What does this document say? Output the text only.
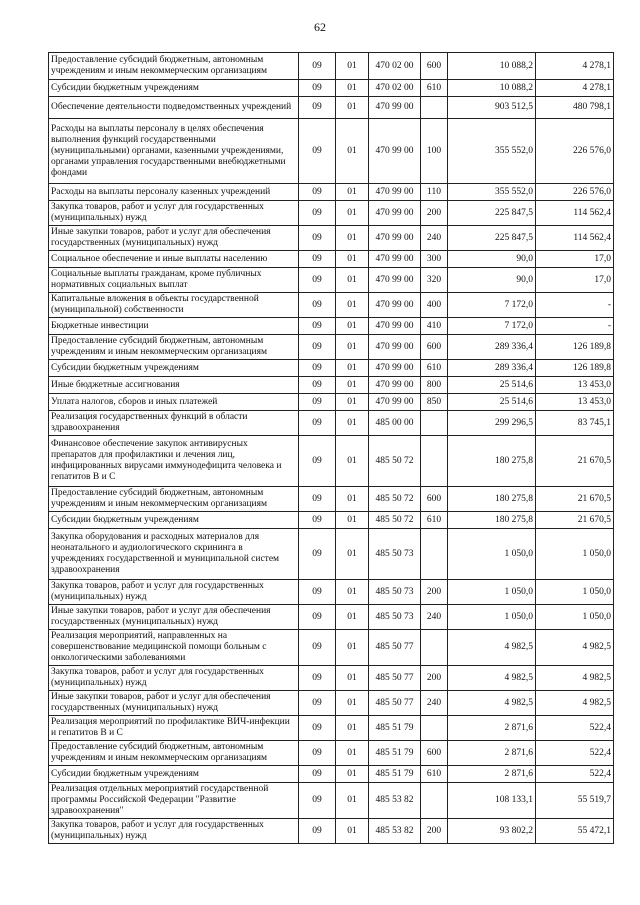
62
Предоставление субсидий бюджетным, автономным учреждениям и иным некоммерческим организациям	09	01	470 02 00	600	10 088,2	4 278,1
Субсидии бюджетным учреждениям	09	01	470 02 00	610	10 088,2	4 278,1
Обеспечение деятельности подведомственных учреждений	09	01	470 99 00		903 512,5	480 798,1
Расходы на выплаты персоналу в целях обеспечения выполнения функций государственными (муниципальными) органами, казенными учреждениями, органами управления государственными внебюджетными фондами	09	01	470 99 00	100	355 552,0	226 576,0
Расходы на выплаты персоналу казенных учреждений	09	01	470 99 00	110	355 552,0	226 576,0
Закупка товаров, работ и услуг для государственных (муниципальных) нужд	09	01	470 99 00	200	225 847,5	114 562,4
Иные закупки товаров, работ и услуг для обеспечения государственных (муниципальных) нужд	09	01	470 99 00	240	225 847,5	114 562,4
Социальное обеспечение и иные выплаты населению	09	01	470 99 00	300	90,0	17,0
Социальные выплаты гражданам, кроме публичных нормативных социальных выплат	09	01	470 99 00	320	90,0	17,0
Капитальные вложения в объекты государственной (муниципальной) собственности	09	01	470 99 00	400	7 172,0	-
Бюджетные инвестиции	09	01	470 99 00	410	7 172,0	-
Предоставление субсидий бюджетным, автономным учреждениям и иным некоммерческим организациям	09	01	470 99 00	600	289 336,4	126 189,8
Субсидии бюджетным учреждениям	09	01	470 99 00	610	289 336,4	126 189,8
Иные бюджетные ассигнования	09	01	470 99 00	800	25 514,6	13 453,0
Уплата налогов, сборов и иных платежей	09	01	470 99 00	850	25 514,6	13 453,0
Реализация государственных функций в области здравоохранения	09	01	485 00 00		299 296,5	83 745,1
Финансовое обеспечение закупок антивирусных препаратов для профилактики и лечения лиц, инфицированных вирусами иммунодефицита человека и гепатитов B и C	09	01	485 50 72		180 275,8	21 670,5
Предоставление субсидий бюджетным, автономным учреждениям и иным некоммерческим организациям	09	01	485 50 72	600	180 275,8	21 670,5
Субсидии бюджетным учреждениям	09	01	485 50 72	610	180 275,8	21 670,5
Закупка оборудования и расходных материалов для неонатального и аудиологического скрининга в учреждениях государственной и муниципальной систем здравоохранения	09	01	485 50 73		1 050,0	1 050,0
Закупка товаров, работ и услуг для государственных (муниципальных) нужд	09	01	485 50 73	200	1 050,0	1 050,0
Иные закупки товаров, работ и услуг для обеспечения государственных (муниципальных) нужд	09	01	485 50 73	240	1 050,0	1 050,0
Реализация мероприятий, направленных на совершенствование медицинской помощи больным с онкологическими заболеваниями	09	01	485 50 77		4 982,5	4 982,5
Закупка товаров, работ и услуг для государственных (муниципальных) нужд	09	01	485 50 77	200	4 982,5	4 982,5
Иные закупки товаров, работ и услуг для обеспечения государственных (муниципальных) нужд	09	01	485 50 77	240	4 982,5	4 982,5
Реализация мероприятий по профилактике ВИЧ-инфекции и гепатитов B и C	09	01	485 51 79		2 871,6	522,4
Предоставление субсидий бюджетным, автономным учреждениям и иным некоммерческим организациям	09	01	485 51 79	600	2 871,6	522,4
Субсидии бюджетным учреждениям	09	01	485 51 79	610	2 871,6	522,4
Реализация отдельных мероприятий государственной программы Российской Федерации "Развитие здравоохранения"	09	01	485 53 82		108 133,1	55 519,7
Закупка товаров, работ и услуг для государственных (муниципальных) нужд	09	01	485 53 82	200	93 802,2	55 472,1
